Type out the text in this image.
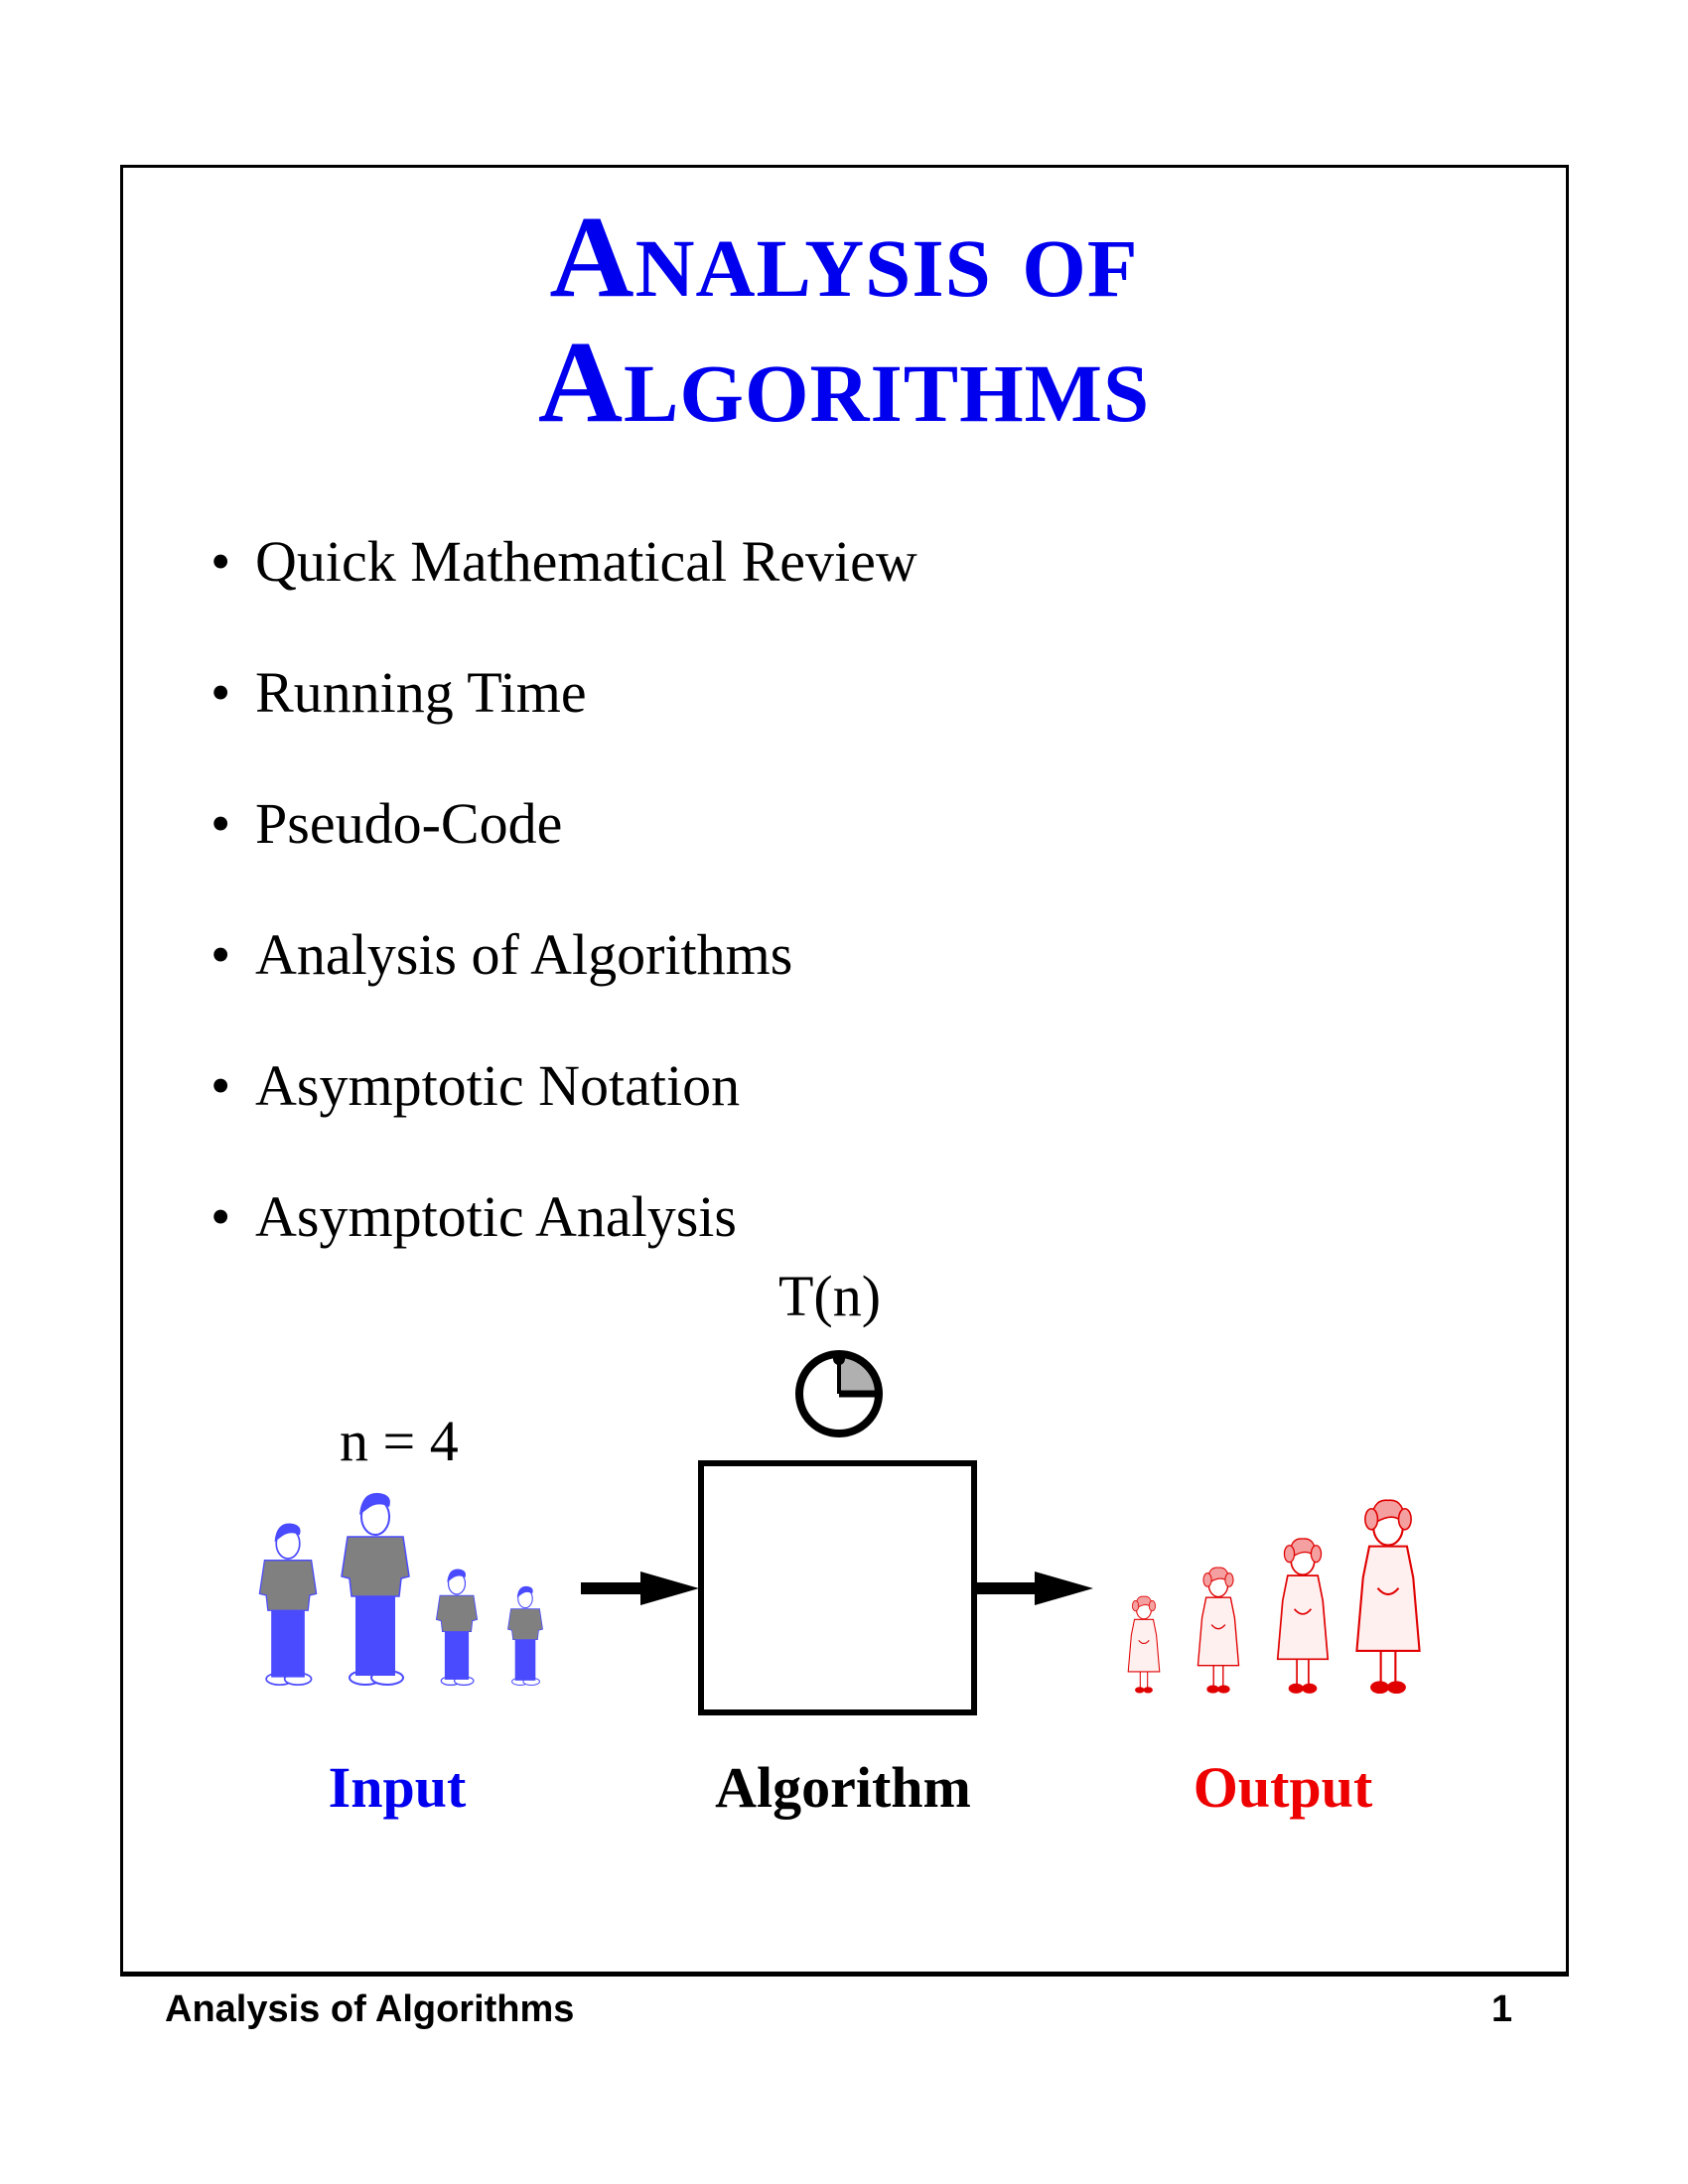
Analysis of
Algorithms
• Quick Mathematical Review
• Running Time
• Pseudo-Code
• Analysis of Algorithms
• Asymptotic Notation
• Asymptotic Analysis
T(n)
n = 4
Input	Algorithm	Output
Analysis of Algorithms	1
